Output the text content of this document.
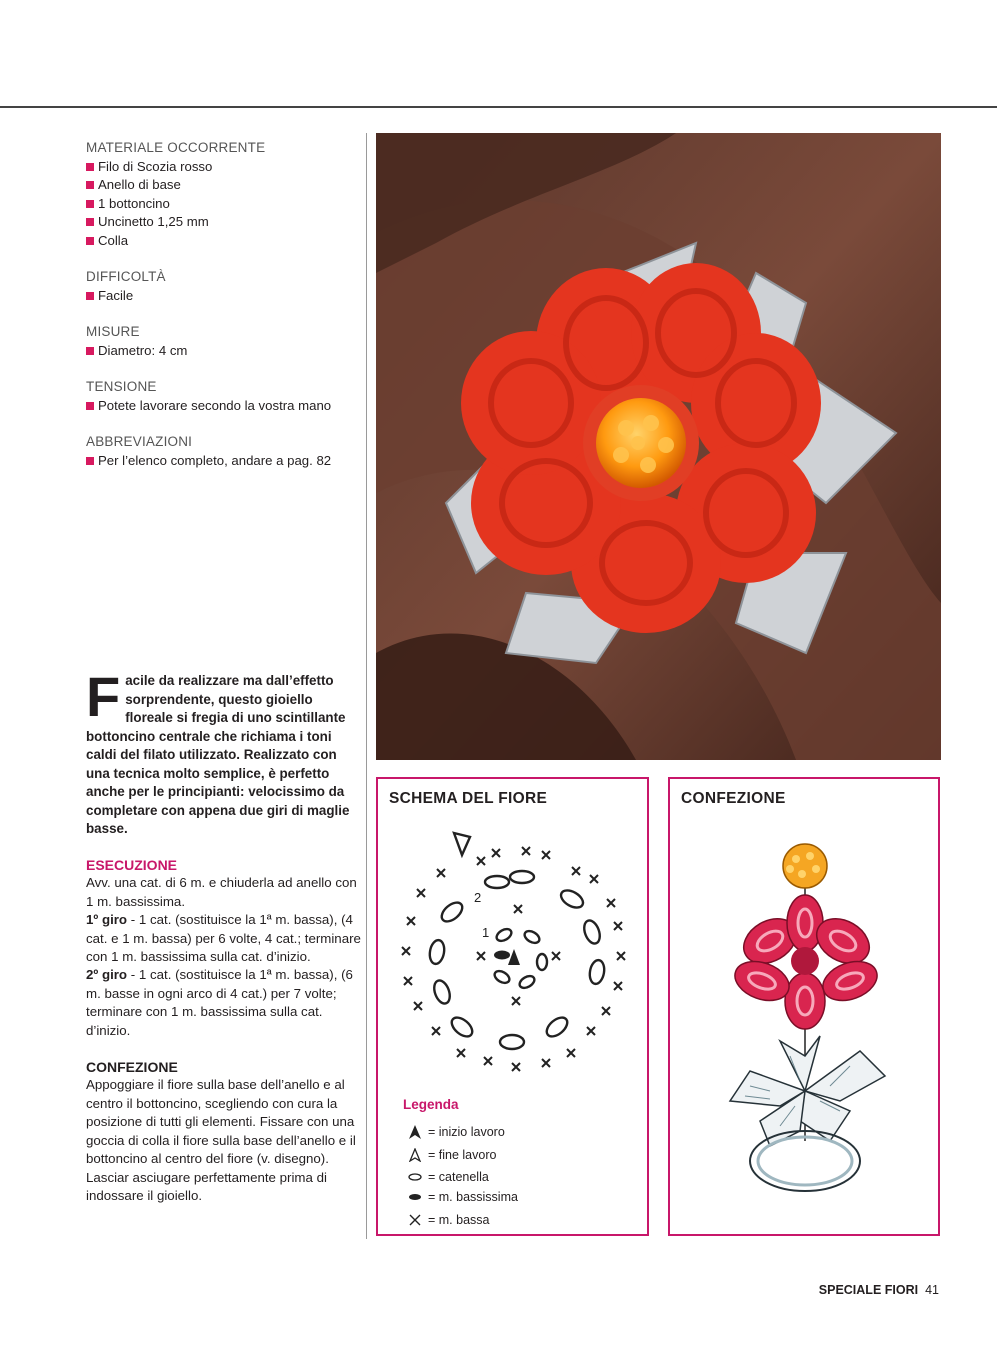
MATERIALE OCCORRENTE
Filo di Scozia rosso
Anello di base
1 bottoncino
Uncinetto 1,25 mm
Colla
DIFFICOLTÀ
Facile
MISURE
Diametro: 4 cm
TENSIONE
Potete lavorare secondo la vostra mano
ABBREVIAZIONI
Per l’elenco completo, andare a pag. 82
Facile da realizzare ma dall’effetto sorprendente, questo gioiello floreale si fregia di uno scintillante bottoncino centrale che richiama i toni caldi del filato utilizzato. Realizzato con una tecnica molto semplice, è perfetto anche per le principianti: velocissimo da completare con appena due giri di maglie basse.
ESECUZIONE
Avv. una cat. di 6 m. e chiuderla ad anello con 1 m. bassissima.
1º giro - 1 cat. (sostituisce la 1ª m. bassa), (4 cat. e 1 m. bassa) per 6 volte, 4 cat.; terminare con 1 m. bassissima sulla cat. d’inizio.
2º giro - 1 cat. (sostituisce la 1ª m. bassa), (6 m. basse in ogni arco di 4 cat.) per 7 volte; terminare con 1 m. bassissima sulla cat. d’inizio.
CONFEZIONE
Appoggiare il fiore sulla base dell’anello e al centro il bottoncino, scegliendo con cura la posizione di tutti gli elementi. Fissare con una goccia di colla il fiore sulla base dell’anello e il bottoncino al centro del fiore (v. disegno). Lasciar asciugare perfettamente prima di indossare il gioiello.
SCHEMA DEL FIORE
2
1
Legenda
= inizio lavoro
= fine lavoro
= catenella
= m. bassissima
= m. bassa
CONFEZIONE
SPECIALE FIORI 41
